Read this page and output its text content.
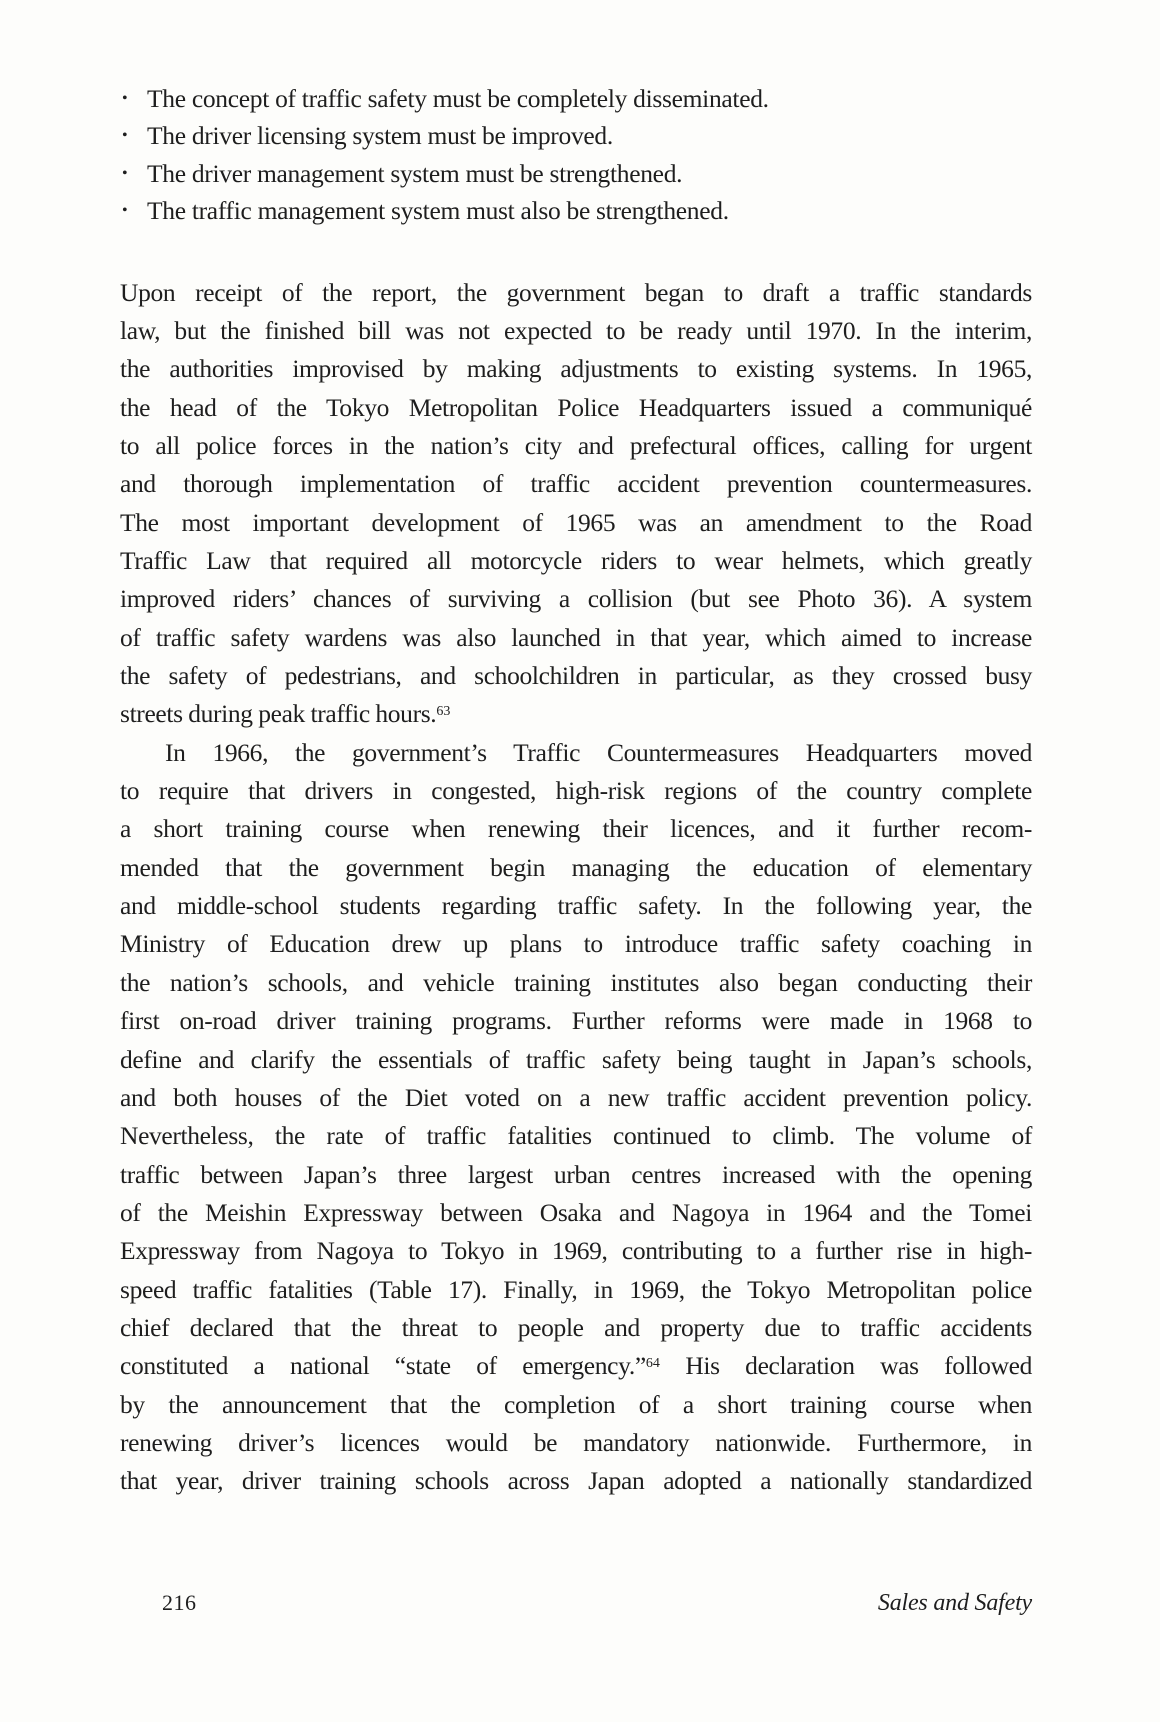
• The concept of traffic safety must be completely disseminated.
• The driver licensing system must be improved.
• The driver management system must be strengthened.
• The traffic management system must also be strengthened.
Upon receipt of the report, the government began to draft a traffic standards
law, but the finished bill was not expected to be ready until 1970. In the interim,
the authorities improvised by making adjustments to existing systems. In 1965,
the head of the Tokyo Metropolitan Police Headquarters issued a communiqué
to all police forces in the nation’s city and prefectural offices, calling for urgent
and thorough implementation of traffic accident prevention countermeasures.
The most important development of 1965 was an amendment to the Road
Traffic Law that required all motorcycle riders to wear helmets, which greatly
improved riders’ chances of surviving a collision (but see Photo 36). A system
of traffic safety wardens was also launched in that year, which aimed to increase
the safety of pedestrians, and schoolchildren in particular, as they crossed busy
streets during peak traffic hours.$^{63}$
In 1966, the government’s Traffic Countermeasures Headquarters moved
to require that drivers in congested, high-risk regions of the country complete
a short training course when renewing their licences, and it further recom-
mended that the government begin managing the education of elementary
and middle-school students regarding traffic safety. In the following year, the
Ministry of Education drew up plans to introduce traffic safety coaching in
the nation’s schools, and vehicle training institutes also began conducting their
first on-road driver training programs. Further reforms were made in 1968 to
define and clarify the essentials of traffic safety being taught in Japan’s schools,
and both houses of the Diet voted on a new traffic accident prevention policy.
Nevertheless, the rate of traffic fatalities continued to climb. The volume of
traffic between Japan’s three largest urban centres increased with the opening
of the Meishin Expressway between Osaka and Nagoya in 1964 and the Tomei
Expressway from Nagoya to Tokyo in 1969, contributing to a further rise in high-
speed traffic fatalities (Table 17). Finally, in 1969, the Tokyo Metropolitan police
chief declared that the threat to people and property due to traffic accidents
constituted a national “state of emergency.”$^{64}$ His declaration was followed
by the announcement that the completion of a short training course when
renewing driver’s licences would be mandatory nationwide. Furthermore, in
that year, driver training schools across Japan adopted a nationally standardized
216	Sales and Safety
